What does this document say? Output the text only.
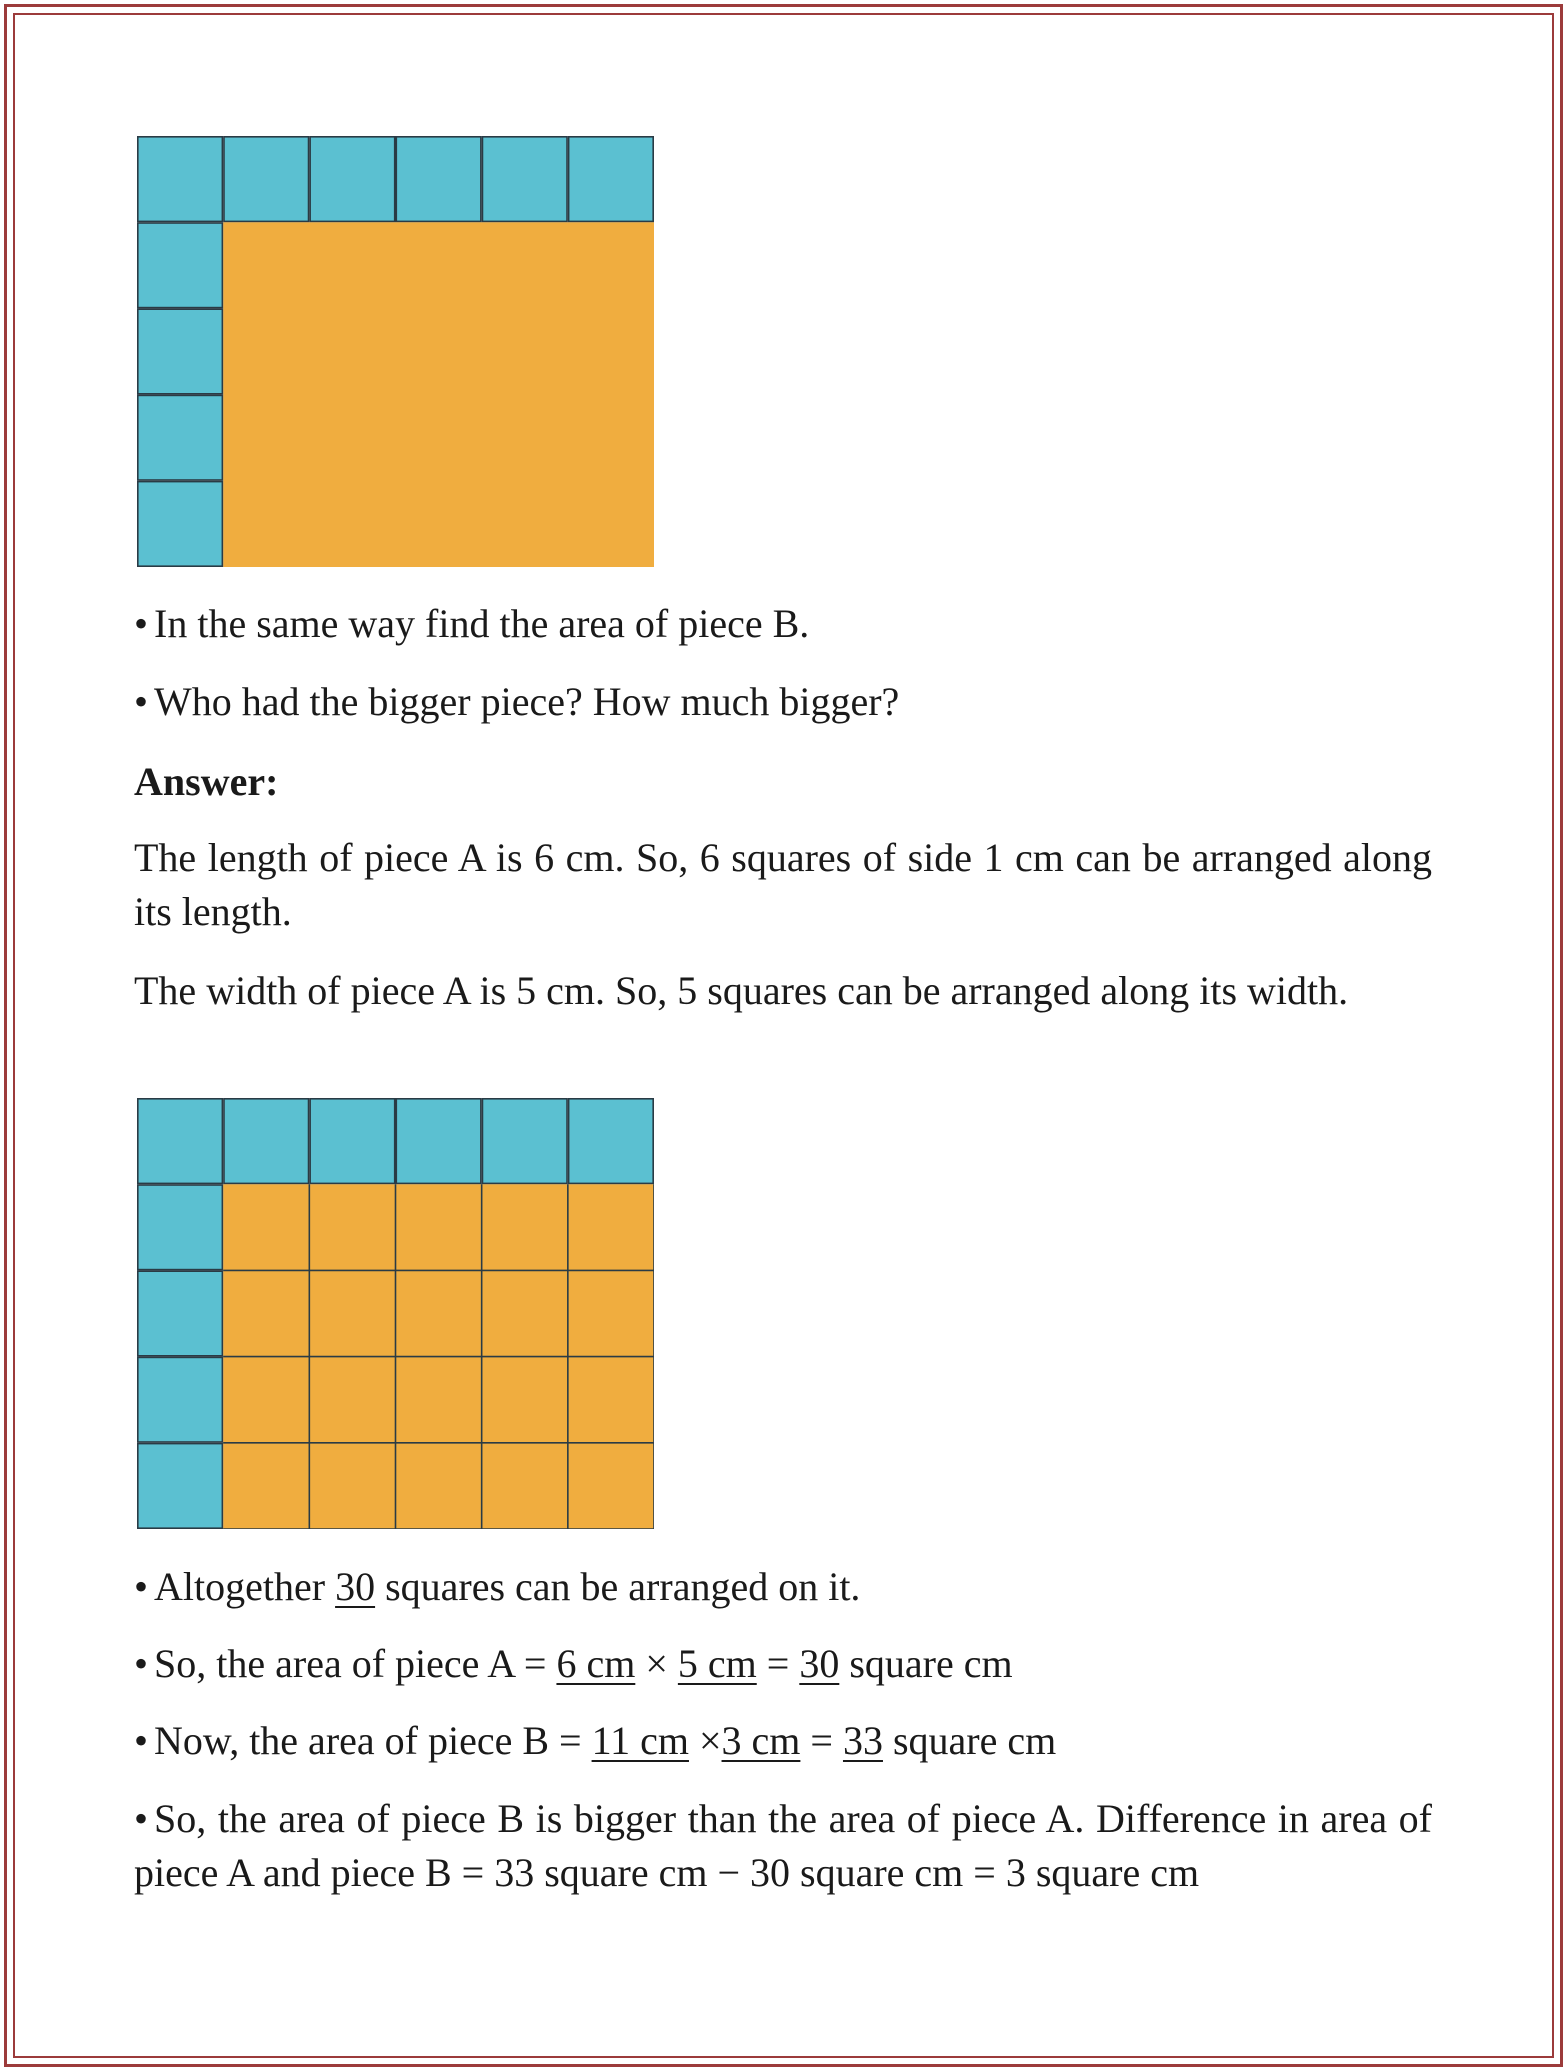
• In the same way find the area of piece B.
• Who had the bigger piece? How much bigger?
Answer:
The length of piece A is 6 cm. So, 6 squares of side 1 cm can be arranged along its length.
The width of piece A is 5 cm. So, 5 squares can be arranged along its width.
• Altogether 30 squares can be arranged on it.
• So, the area of piece A = 6 cm × 5 cm = 30 square cm
• Now, the area of piece B = 11 cm ×3 cm = 33 square cm
• So, the area of piece B is bigger than the area of piece A. Difference in area of piece A and piece B = 33 square cm − 30 square cm = 3 square cm
